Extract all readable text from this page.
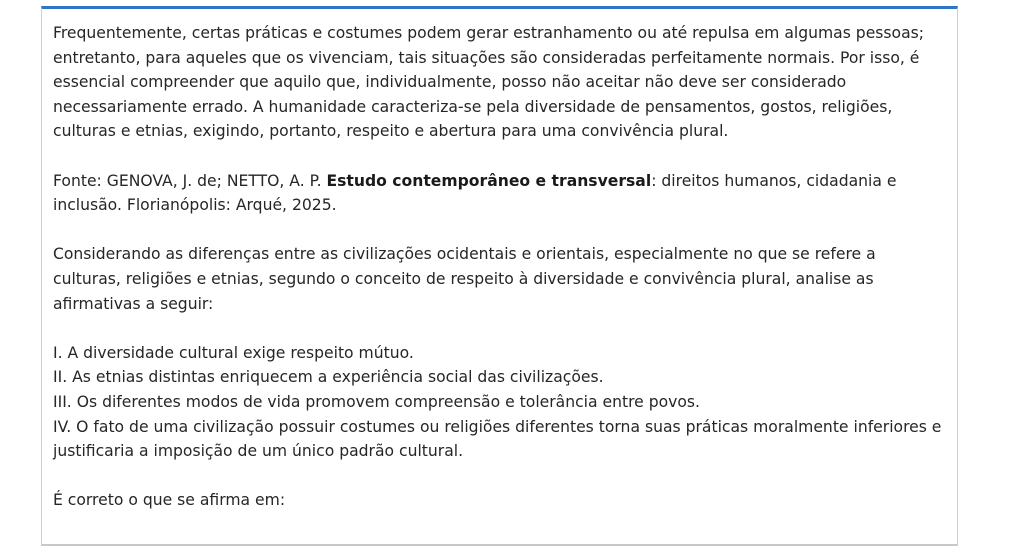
Frequentemente, certas práticas e costumes podem gerar estranhamento ou até repulsa em algumas pessoas; entretanto, para aqueles que os vivenciam, tais situações são consideradas perfeitamente normais. Por isso, é essencial compreender que aquilo que, individualmente, posso não aceitar não deve ser considerado necessariamente errado. A humanidade caracteriza-se pela diversidade de pensamentos, gostos, religiões, culturas e etnias, exigindo, portanto, respeito e abertura para uma convivência plural.

Fonte: GENOVA, J. de; NETTO, A. P. Estudo contemporâneo e transversal: direitos humanos, cidadania e inclusão. Florianópolis: Arqué, 2025.

Considerando as diferenças entre as civilizações ocidentais e orientais, especialmente no que se refere a culturas, religiões e etnias, segundo o conceito de respeito à diversidade e convivência plural, analise as afirmativas a seguir:

I. A diversidade cultural exige respeito mútuo.

II. As etnias distintas enriquecem a experiência social das civilizações.

III. Os diferentes modos de vida promovem compreensão e tolerância entre povos.

IV. O fato de uma civilização possuir costumes ou religiões diferentes torna suas práticas moralmente inferiores e justificaria a imposição de um único padrão cultural.

É correto o que se afirma em:
